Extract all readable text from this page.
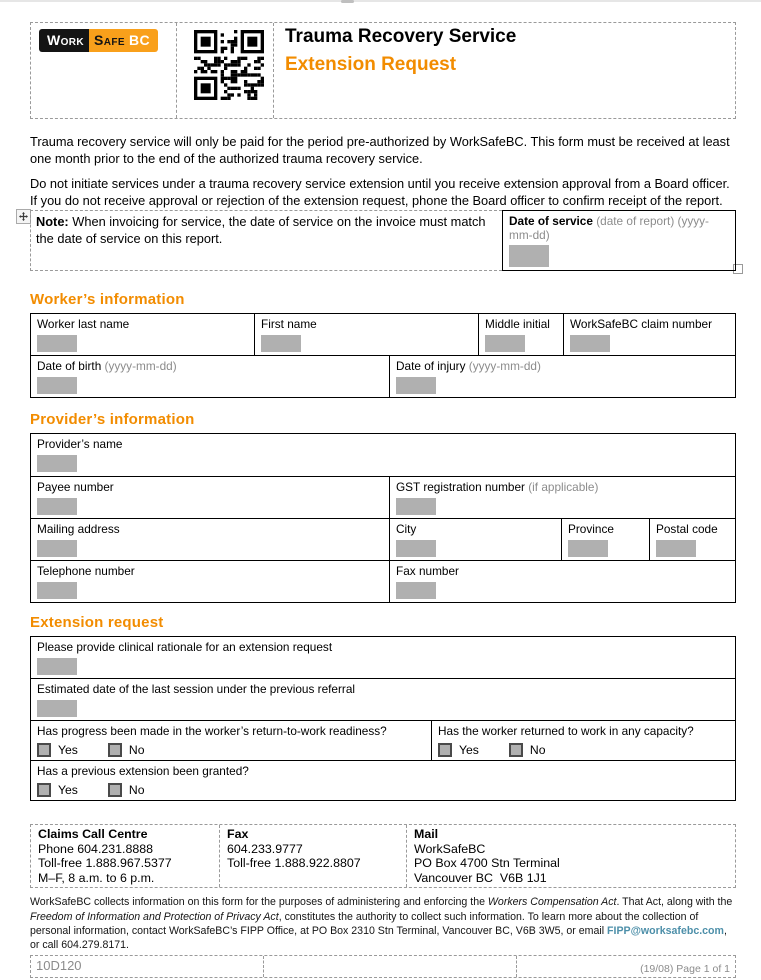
Work Safe BC	Trauma Recovery Service
Extension Request

Trauma recovery service will only be paid for the period pre-authorized by WorkSafeBC. This form must be received at least one month prior to the end of the authorized trauma recovery service.

Do not initiate services under a trauma recovery service extension until you receive extension approval from a Board officer. If you do not receive approval or rejection of the extension request, phone the Board officer to confirm receipt of the report.

Note: When invoicing for service, the date of service on the invoice must match the date of service on this report.
Date of service (date of report) (yyyy-mm-dd)
Worker’s information
Worker last name	First name	Middle initial	WorkSafeBC claim number
Date of birth (yyyy-mm-dd)	Date of injury (yyyy-mm-dd)
Provider’s information
Provider’s name
Payee number	GST registration number (if applicable)
Mailing address	City	Province	Postal code
Telephone number	Fax number
Extension request
Please provide clinical rationale for an extension request
Estimated date of the last session under the previous referral
Has progress been made in the worker’s return-to-work readiness?
Yes	No
Has the worker returned to work in any capacity?
Yes	No
Has a previous extension been granted?
Yes	No
Claims Call Centre
Phone 604.231.8888
Toll-free 1.888.967.5377
M–F, 8 a.m. to 6 p.m.
Fax
604.233.9777
Toll-free 1.888.922.8807
Mail
WorkSafeBC
PO Box 4700 Stn Terminal
Vancouver BC  V6B 1J1
WorkSafeBC collects information on this form for the purposes of administering and enforcing the Workers Compensation Act. That Act, along with the Freedom of Information and Protection of Privacy Act, constitutes the authority to collect such information. To learn more about the collection of personal information, contact WorkSafeBC’s FIPP Office, at PO Box 2310 Stn Terminal, Vancouver BC, V6B 3W5, or email FIPP@worksafebc.com, or call 604.279.8171.
10D120	(19/08) Page 1 of 1
